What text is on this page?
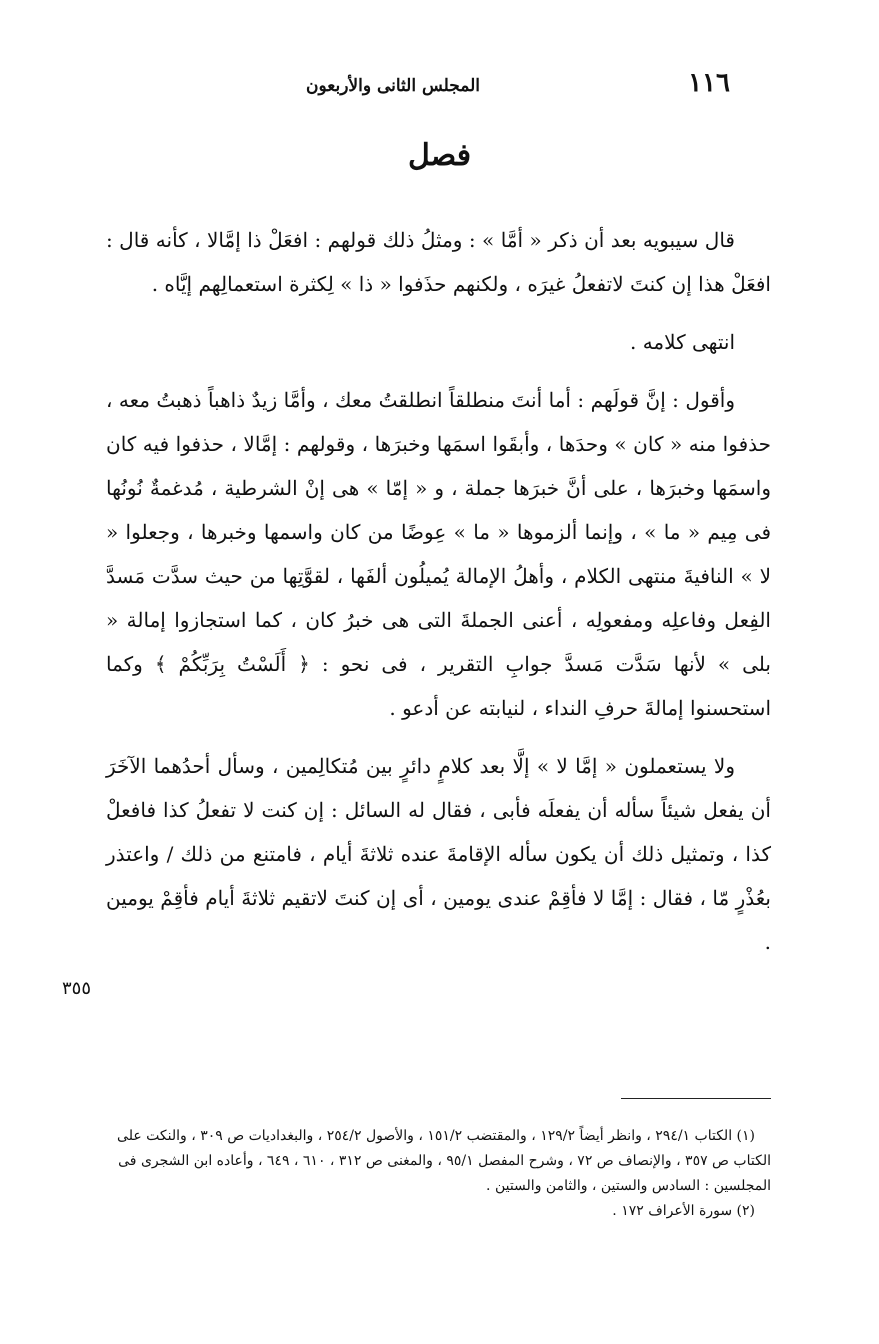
١١٦
المجلس الثانى والأربعون
فصل

قال سيبويه بعد أن ذكر « أمَّا » : ومثلُ ذلك قولهم : افعَلْ ذا إمَّالا ، كأنه قال : افعَلْ هذا إن كنتَ لاتفعلُ غيرَه ، ولكنهم حذَفوا « ذا » لِكثرة استعمالِهم إيَّاه .

انتهى كلامه .

وأقول : إنَّ قولَهم : أما أنتَ منطلقاً انطلقتُ معك ، وأمَّا زيدٌ ذاهباً ذهبتُ معه ، حذفوا منه « كان » وحدَها ، وأبقَوا اسمَها وخبرَها ، وقولهم : إمَّالا ، حذفوا فيه كان واسمَها وخبرَها ، على أنَّ خبرَها جملة ، و « إمّا » هى إنْ الشرطية ، مُدغمةٌ نُونُها فى مِيم « ما » ، وإنما ألزموها « ما » عِوضًا من كان واسمها وخبرها ، وجعلوا « لا » النافيةَ منتهى الكلام ، وأهلُ الإمالة يُميلُون ألفَها ، لقوَّتِها من حيث سدَّت مَسدَّ الفِعل وفاعلِه ومفعولِه ، أعنى الجملةَ التى هى خبرُ كان ، كما استجازوا إمالة « بلى » لأنها سَدَّت مَسدَّ جوابِ التقرير ، فى نحو : ﴿ أَلَسْتُ بِرَبِّكُمْ ﴾ وكما استحسنوا إمالةَ حرفِ النداء ، لنيابته عن أدعو .

ولا يستعملون « إمَّا لا » إلَّا بعد كلامٍ دائرٍ بين مُتكالِمين ، وسأل أحدُهما الآخَرَ أن يفعل شيئاً سأله أن يفعلَه فأبى ، فقال له السائل : إن كنت لا تفعلُ كذا فافعلْ كذا ، وتمثيل ذلك أن يكون سأله الإقامةَ عنده ثلاثةَ أيام ، فامتنع من ذلك / واعتذر بعُذْرٍ مّا ، فقال : إمَّا لا فأقِمْ عندى يومين ، أى إن كنتَ لاتقيم ثلاثةَ أيام فأقِمْ يومين .

٣٥٥

(١) الكتاب ٢٩٤/١ ، وانظر أيضاً ١٢٩/٢ ، والمقتضب ١٥١/٢ ، والأصول ٢٥٤/٢ ، والبغداديات ص ٣٠٩ ، والنكت على الكتاب ص ٣٥٧ ، والإنصاف ص ٧٢ ، وشرح المفصل ٩٥/١ ، والمغنى ص ٣١٢ ، ٦١٠ ، ٦٤٩ ، وأعاده ابن الشجرى فى المجلسين : السادس والستين ، والثامن والستين .

(٢) سورة الأعراف ١٧٢ .
